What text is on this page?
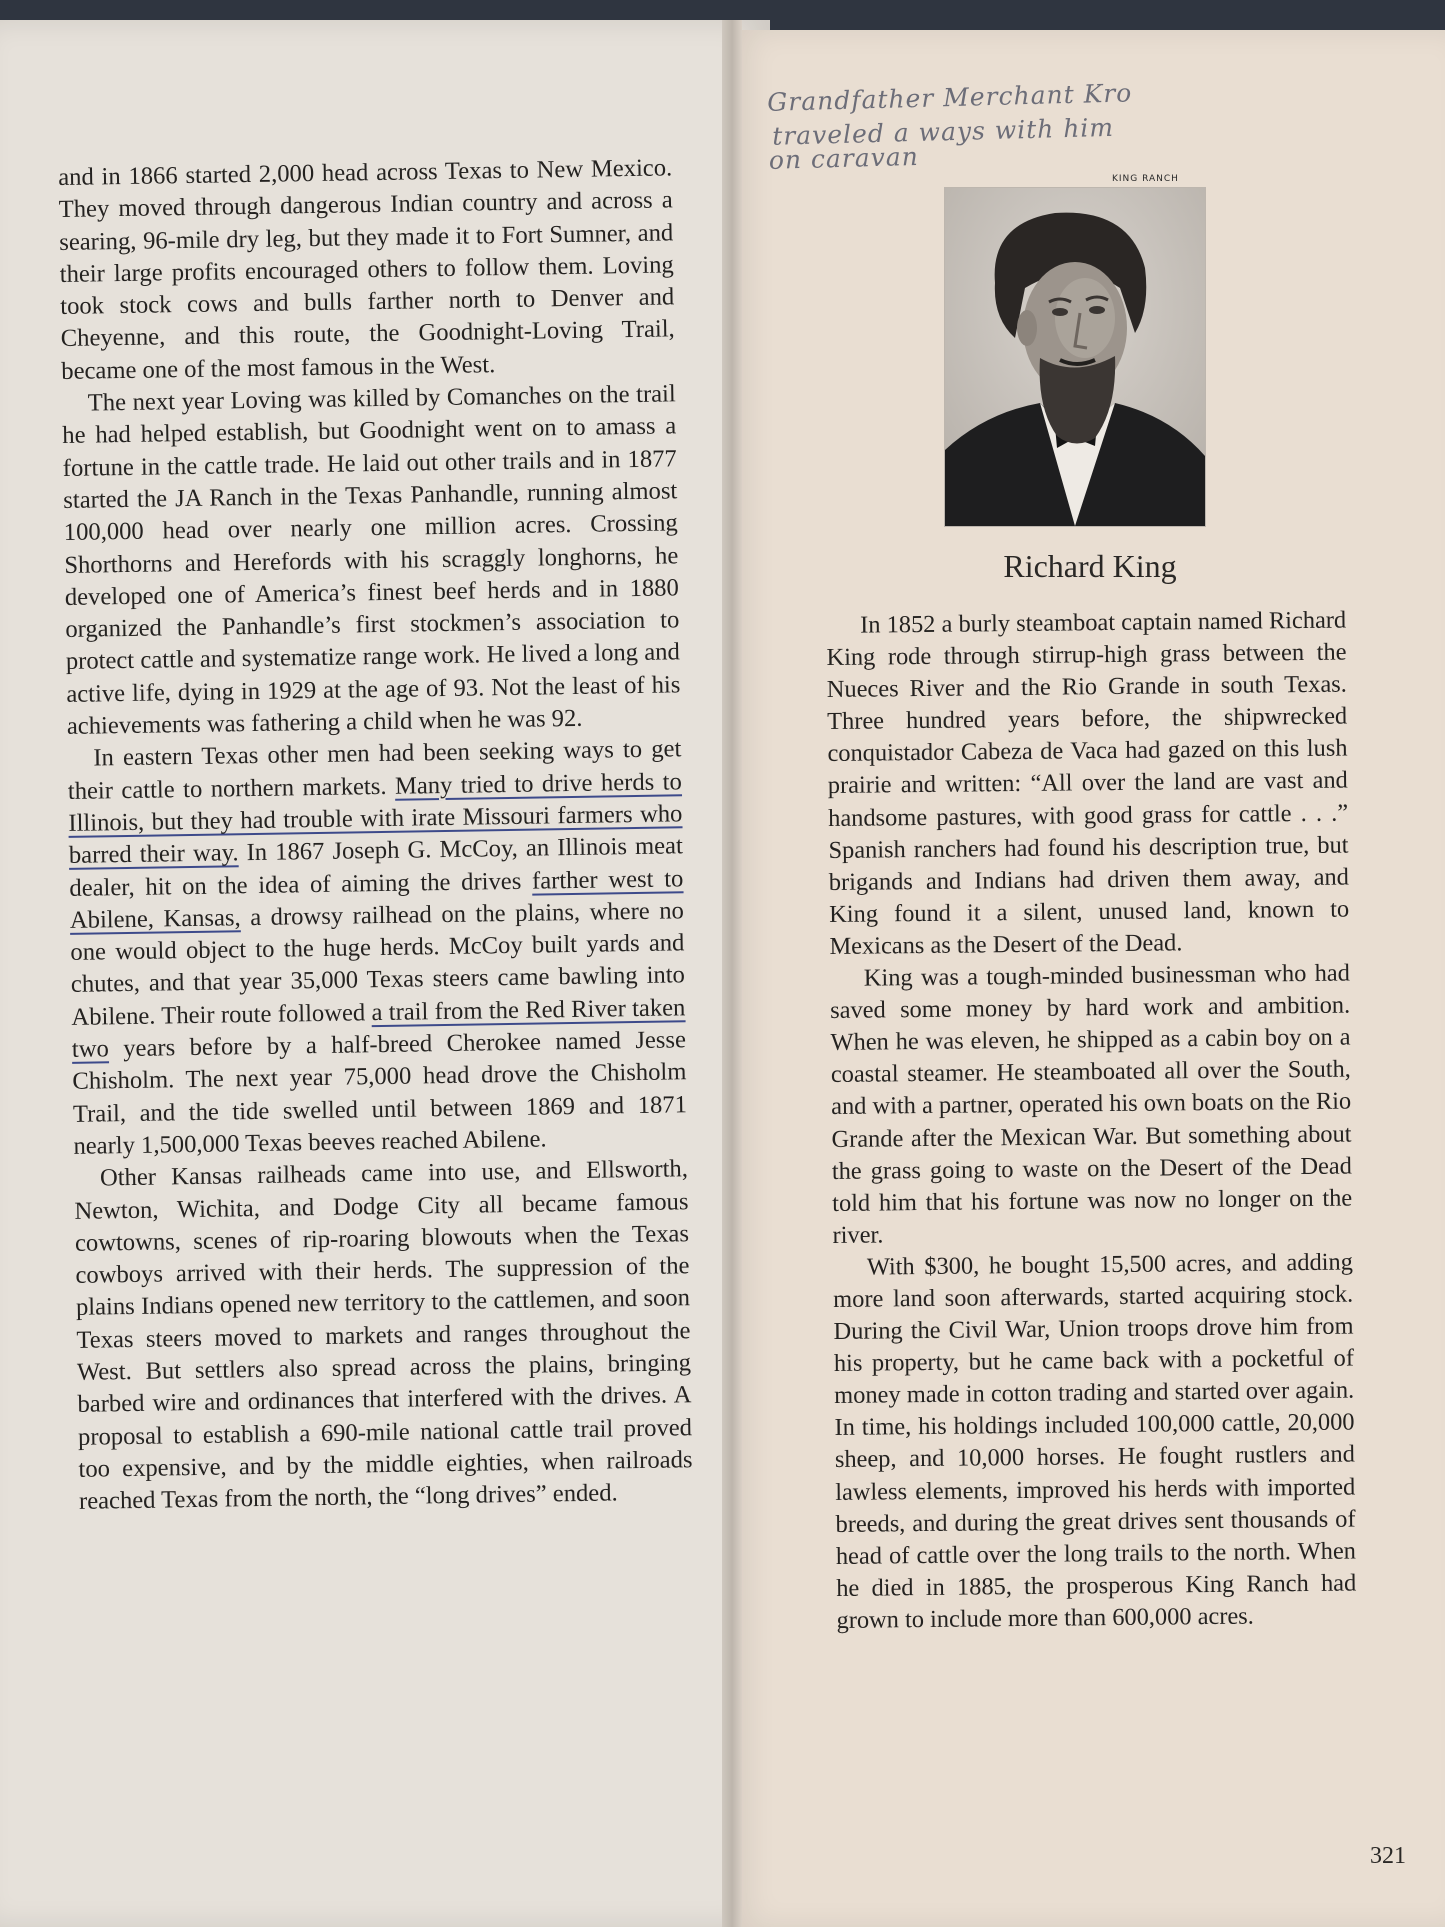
and in 1866 started 2,000 head across Texas to New Mexico. They moved through dangerous Indian country and across a searing, 96-mile dry leg, but they made it to Fort Sumner, and their large profits encouraged others to follow them. Loving took stock cows and bulls farther north to Denver and Cheyenne, and this route, the Goodnight-Loving Trail, became one of the most famous in the West.

The next year Loving was killed by Comanches on the trail he had helped establish, but Goodnight went on to amass a fortune in the cattle trade. He laid out other trails and in 1877 started the JA Ranch in the Texas Panhandle, running almost 100,000 head over nearly one million acres. Crossing Shorthorns and Herefords with his scraggly longhorns, he developed one of America’s finest beef herds and in 1880 organized the Panhandle’s first stockmen’s association to protect cattle and systematize range work. He lived a long and active life, dying in 1929 at the age of 93. Not the least of his achievements was fathering a child when he was 92.

In eastern Texas other men had been seeking ways to get their cattle to northern markets. Many tried to drive herds to Illinois, but they had trouble with irate Missouri farmers who barred their way. In 1867 Joseph G. McCoy, an Illinois meat dealer, hit on the idea of aiming the drives farther west to Abilene, Kansas, a drowsy railhead on the plains, where no one would object to the huge herds. McCoy built yards and chutes, and that year 35,000 Texas steers came bawling into Abilene. Their route followed a trail from the Red River taken two years before by a half-breed Cherokee named Jesse Chisholm. The next year 75,000 head drove the Chisholm Trail, and the tide swelled until between 1869 and 1871 nearly 1,500,000 Texas beeves reached Abilene.

Other Kansas railheads came into use, and Ellsworth, Newton, Wichita, and Dodge City all became famous cowtowns, scenes of rip-roaring blowouts when the Texas cowboys arrived with their herds. The suppression of the plains Indians opened new territory to the cattlemen, and soon Texas steers moved to markets and ranges throughout the West. But settlers also spread across the plains, bringing barbed wire and ordinances that interfered with the drives. A proposal to establish a 690-mile national cattle trail proved too expensive, and by the middle eighties, when railroads reached Texas from the north, the “long drives” ended.

Grandfather Merchant Kro
traveled a ways with him
on caravan
KING RANCH
Richard King

In 1852 a burly steamboat captain named Richard King rode through stirrup-high grass between the Nueces River and the Rio Grande in south Texas. Three hundred years before, the shipwrecked conquistador Cabeza de Vaca had gazed on this lush prairie and written: “All over the land are vast and handsome pastures, with good grass for cattle . . .” Spanish ranchers had found his description true, but brigands and Indians had driven them away, and King found it a silent, unused land, known to Mexicans as the Desert of the Dead.

King was a tough-minded businessman who had saved some money by hard work and ambition. When he was eleven, he shipped as a cabin boy on a coastal steamer. He steamboated all over the South, and with a partner, operated his own boats on the Rio Grande after the Mexican War. But something about the grass going to waste on the Desert of the Dead told him that his fortune was now no longer on the river.

With $300, he bought 15,500 acres, and adding more land soon afterwards, started acquiring stock. During the Civil War, Union troops drove him from his property, but he came back with a pocketful of money made in cotton trading and started over again. In time, his holdings included 100,000 cattle, 20,000 sheep, and 10,000 horses. He fought rustlers and lawless elements, improved his herds with imported breeds, and during the great drives sent thousands of head of cattle over the long trails to the north. When he died in 1885, the prosperous King Ranch had grown to include more than 600,000 acres.

321
